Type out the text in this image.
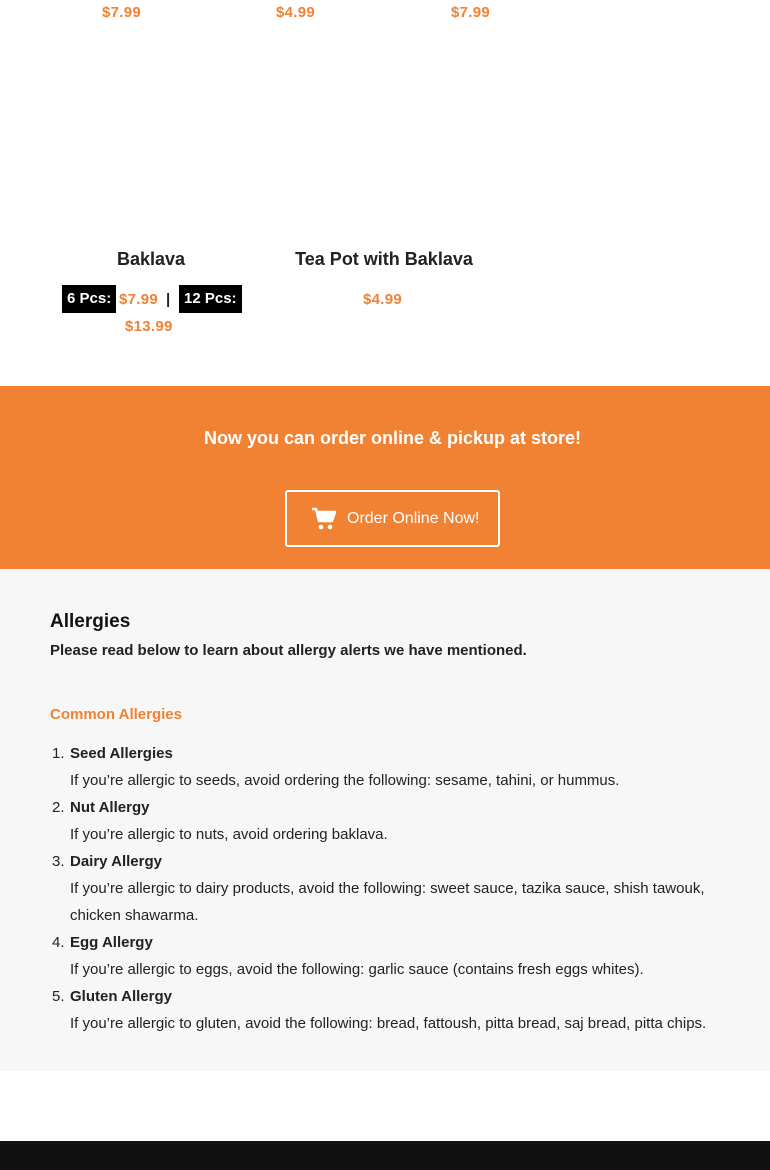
$7.99	$4.99	$7.99
Baklava
6 Pcs: $7.99 | 12 Pcs:
$13.99
Tea Pot with Baklava
$4.99
Now you can order online & pickup at store!
Order Online Now!
Allergies
Please read below to learn about allergy alerts we have mentioned.
Common Allergies
1. Seed Allergies
If you’re allergic to seeds, avoid ordering the following: sesame, tahini, or hummus.
2. Nut Allergy
If you’re allergic to nuts, avoid ordering baklava.
3. Dairy Allergy
If you’re allergic to dairy products, avoid the following: sweet sauce, tazika sauce, shish tawouk, chicken shawarma.
4. Egg Allergy
If you’re allergic to eggs, avoid the following: garlic sauce (contains fresh eggs whites).
5. Gluten Allergy
If you’re allergic to gluten, avoid the following: bread, fattoush, pitta bread, saj bread, pitta chips.
